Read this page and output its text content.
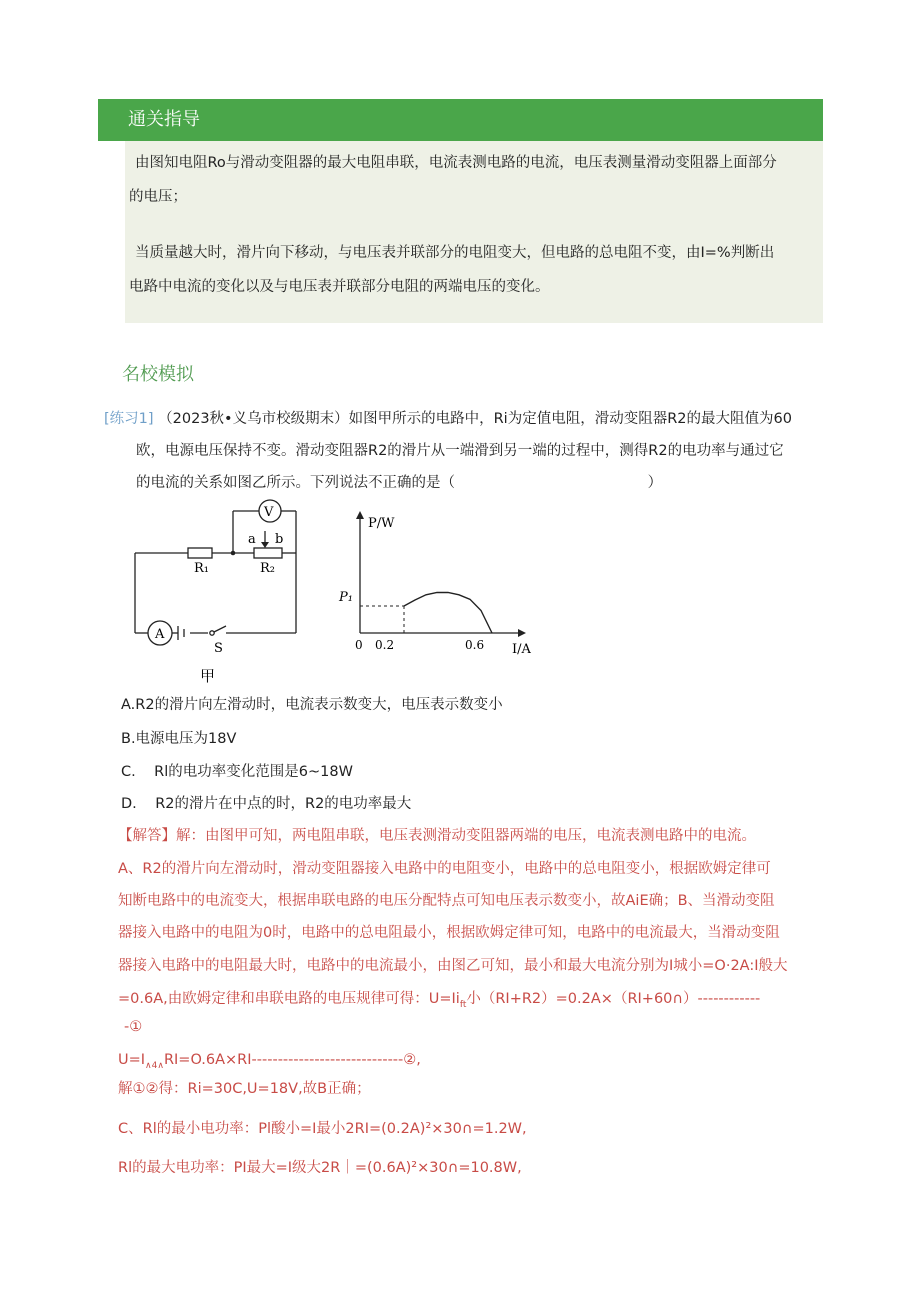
通关指导
由图知电阻Ro与滑动变阻器的最大电阻串联，电流表测电路的电流，电压表测量滑动变阻器上面部分
的电压；
当质量越大时，滑片向下移动，与电压表并联部分的电阻变大，但电路的总电阻不变，由I=%判断出
电路中电流的变化以及与电压表并联部分电阻的两端电压的变化。
名校模拟
[练习1] （2023秋•义乌市校级期末）如图甲所示的电路中，Ri为定值电阻，滑动变阻器R2的最大阻值为60
欧，电源电压保持不变。滑动变阻器R2的滑片从一端滑到另一端的过程中，测得R2的电功率与通过它
的电流的关系如图乙所示。下列说法不正确的是（	）
V
A
R₁	R₂
a b
S
甲
P/W
I/A
P₁
0 0.2	0.6
A.R2的滑片向左滑动时，电流表示数变大，电压表示数变小
B.电源电压为18V
C.    Rl的电功率变化范围是6~18W
D.    R2的滑片在中点的时，R2的电功率最大
【解答】解：由图甲可知，两电阻串联，电压表测滑动变阻器两端的电压，电流表测电路中的电流。
A、R2的滑片向左滑动时，滑动变阻器接入电路中的电阻变小，电路中的总电阻变小，根据欧姆定律可
知断电路中的电流变大，根据串联电路的电压分配特点可知电压表示数变小，故AiE确；B、当滑动变阻
器接入电路中的电阻为0时，电路中的总电阻最小，根据欧姆定律可知，电路中的电流最大，当滑动变阻
器接入电路中的电阻最大时，电路中的电流最小，由图乙可知，最小和最大电流分别为I城小=O·2A:I般大
=0.6A,由欧姆定律和串联电路的电压规律可得：$U=Ii_{ft}$小（RI+R2）=0.2A×（RI+60∩）------------
-①
$U=I_{\wedge 4\wedge}RI=O.6A\times RI-----------------------------②$,
解①②得：Ri=30C,U=18V,故B正确；
C、Rl的最小电功率：Pl酸小=I最小2RI=(0.2A)²×30∩=1.2W,
Rl的最大电功率：PI最大=I级大2R｜=(0.6A)²×30∩=10.8W,
